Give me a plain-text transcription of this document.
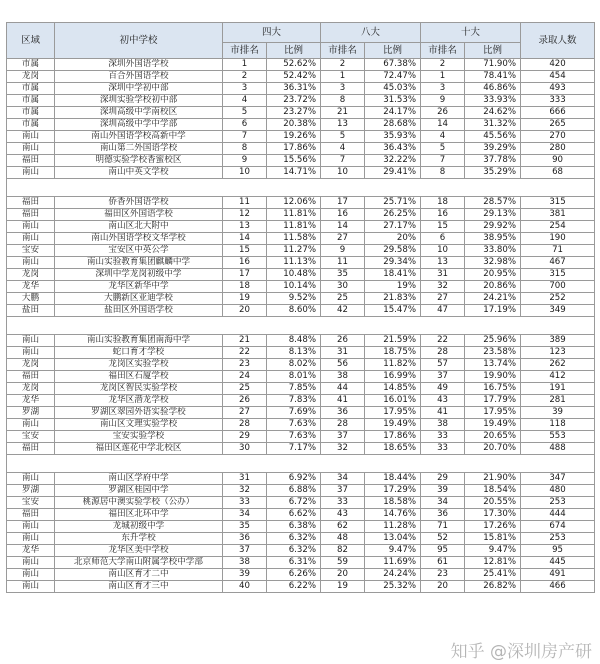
区域	初中学校	四大		八大		十大		录取人数
		市排名	比例	市排名	比例	市排名	比例	
市属	深圳外国语学校	1	52.62%	2	67.38%	2	71.90%	420
龙岗	百合外国语学校	2	52.42%	1	72.47%	1	78.41%	454
市属	深圳中学初中部	3	36.31%	3	45.03%	3	46.86%	493
市属	深圳实验学校初中部	4	23.72%	8	31.53%	9	33.93%	333
市属	深圳高级中学南校区	5	23.27%	21	24.17%	26	24.62%	666
市属	深圳高级中学中学部	6	20.38%	13	28.68%	14	31.32%	265
南山	南山外国语学校高新中学	7	19.26%	5	35.93%	4	45.56%	270
南山	南山第二外国语学校	8	17.86%	4	36.43%	5	39.29%	280
福田	明德实验学校香蜜校区	9	15.56%	7	32.22%	7	37.78%	90
南山	南山中英文学校	10	14.71%	10	29.41%	8	35.29%	68

福田	侨香外国语学校	11	12.06%	17	25.71%	18	28.57%	315
福田	福田区外国语学校	12	11.81%	16	26.25%	16	29.13%	381
南山	南山区北大附中	13	11.81%	14	27.17%	15	29.92%	254
南山	南山外国语学校文华学校	14	11.58%	27	20%	6	38.95%	190
宝安	宝安区中英公学	15	11.27%	9	29.58%	10	33.80%	71
南山	南山实验教育集团麒麟中学	16	11.13%	11	29.34%	13	32.98%	467
龙岗	深圳中学龙岗初级中学	17	10.48%	35	18.41%	31	20.95%	315
龙华	龙华区新华中学	18	10.14%	30	19%	32	20.86%	700
大鹏	大鹏新区亚迪学校	19	9.52%	25	21.83%	27	24.21%	252
盐田	盐田区外国语学校	20	8.60%	42	15.47%	47	17.19%	349

南山	南山实验教育集团南海中学	21	8.48%	26	21.59%	22	25.96%	389
南山	蛇口育才学校	22	8.13%	31	18.75%	28	23.58%	123
龙岗	龙岗区实验学校	23	8.02%	56	11.82%	57	13.74%	262
福田	福田区石厦学校	24	8.01%	38	16.99%	37	19.90%	412
龙岗	龙岗区智民实验学校	25	7.85%	44	14.85%	49	16.75%	191
龙华	龙华区潜龙学校	26	7.83%	41	16.01%	43	17.79%	281
罗湖	罗湖区翠园外语实验学校	27	7.69%	36	17.95%	41	17.95%	39
南山	南山区文理实验学校	28	7.63%	28	19.49%	38	19.49%	118
宝安	宝安实验学校	29	7.63%	37	17.86%	33	20.65%	553
福田	福田区莲花中学北校区	30	7.17%	32	18.65%	33	20.70%	488

南山	南山区学府中学	31	6.92%	34	18.44%	29	21.90%	347
罗湖	罗湖区桂园中学	32	6.88%	37	17.29%	39	18.54%	480
宝安	桃源居中澳实验学校（公办）	33	6.72%	33	18.58%	34	20.55%	253
福田	福田区北环中学	34	6.62%	43	14.76%	36	17.30%	444
南山	龙城初级中学	35	6.38%	62	11.28%	71	17.26%	674
南山	东升学校	36	6.32%	48	13.04%	52	15.81%	253
龙华	龙华区美中学校	37	6.32%	82	9.47%	95	9.47%	95
南山	北京师范大学南山附属学校中学部	38	6.31%	59	11.69%	61	12.81%	445
南山	南山区育才二中	39	6.26%	20	24.24%	23	25.41%	491
南山	南山区育才三中	40	6.22%	19	25.32%	20	26.82%	466
知乎 @深圳房产研
